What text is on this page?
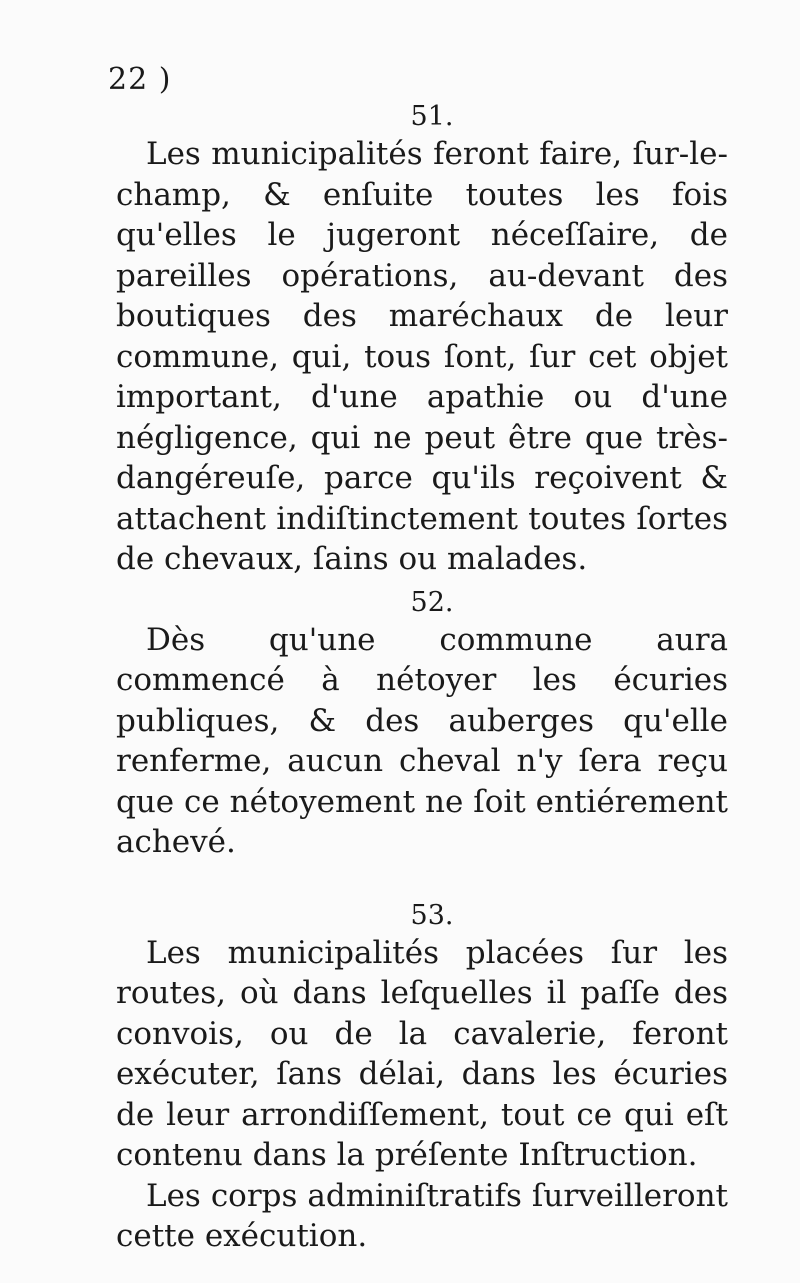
22 )
51.

Les municipalités feront faire, ſur-le-champ, & enſuite toutes les fois qu'elles le jugeront néceſſaire, de pareilles opérations, au-devant des boutiques des maréchaux de leur commune, qui, tous ſont, ſur cet objet important, d'une apathie ou d'une négligence, qui ne peut être que très-dangéreuſe, parce qu'ils reçoivent & attachent indiſtinctement toutes ſortes de chevaux, ſains ou malades.

52.

Dès qu'une commune aura commencé à nétoyer les écuries publiques, & des auberges qu'elle renferme, aucun cheval n'y ſera reçu que ce nétoyement ne ſoit entiérement achevé.

53.

Les municipalités placées ſur les routes, où dans leſquelles il paſſe des convois, ou de la cavalerie, feront exécuter, ſans délai, dans les écuries de leur arrondiſſement, tout ce qui eſt contenu dans la préſente Inſtruction.

Les corps adminiſtratifs ſurveilleront cette exécution.
